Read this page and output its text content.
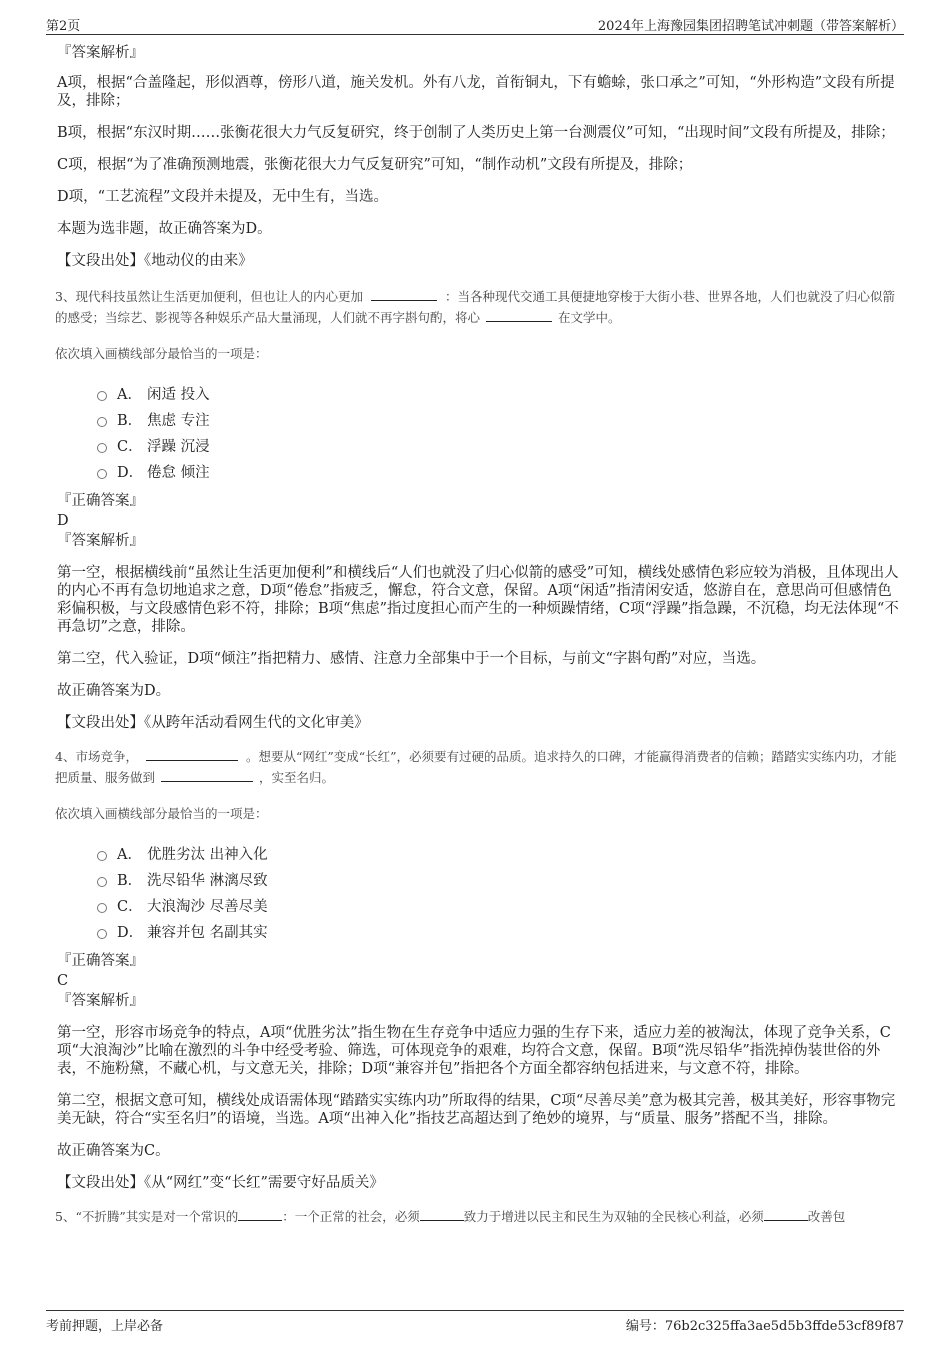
第2页	2024年上海豫园集团招聘笔试冲刺题（带答案解析）
『答案解析』

A项，根据“合盖隆起，形似酒尊，傍形八道，施关发机。外有八龙，首衔铜丸，下有蟾蜍，张口承之”可知，“外形构造”文段有所提及，排除；

B项，根据“东汉时期……张衡花很大力气反复研究，终于创制了人类历史上第一台测震仪”可知，“出现时间”文段有所提及，排除；

C项，根据“为了准确预测地震，张衡花很大力气反复研究”可知，“制作动机”文段有所提及，排除；

D项，“工艺流程”文段并未提及，无中生有，当选。

本题为选非题，故正确答案为D。

【文段出处】《地动仪的由来》

3、现代科技虽然让生活更加便利，但也让人的内心更加	：当各种现代交通工具便捷地穿梭于大街小巷、世界各地，人们也就没了归心似箭的感受；当综艺、影视等各种娱乐产品大量涌现，人们就不再字斟句酌，将心	在文学中。
依次填入画横线部分最恰当的一项是：
A． 闲适 投入
B． 焦虑 专注
C． 浮躁 沉浸
D． 倦怠 倾注
『正确答案』
D
『答案解析』

第一空，根据横线前“虽然让生活更加便利”和横线后“人们也就没了归心似箭的感受”可知，横线处感情色彩应较为消极，且体现出人的内心不再有急切地追求之意，D项“倦怠”指疲乏，懈怠，符合文意，保留。A项“闲适”指清闲安适，悠游自在，意思尚可但感情色彩偏积极，与文段感情色彩不符，排除；B项“焦虑”指过度担心而产生的一种烦躁情绪，C项“浮躁”指急躁，不沉稳，均无法体现“不再急切”之意，排除。

第二空，代入验证，D项“倾注”指把精力、感情、注意力全部集中于一个目标，与前文“字斟句酌”对应，当选。

故正确答案为D。

【文段出处】《从跨年活动看网生代的文化审美》

4、市场竞争，	。想要从“网红”变成“长红”，必须要有过硬的品质。追求持久的口碑，才能赢得消费者的信赖；踏踏实实练内功，才能把质量、服务做到	，实至名归。
依次填入画横线部分最恰当的一项是：
A． 优胜劣汰 出神入化
B． 洗尽铅华 淋漓尽致
C． 大浪淘沙 尽善尽美
D． 兼容并包 名副其实
『正确答案』
C
『答案解析』

第一空，形容市场竞争的特点，A项“优胜劣汰”指生物在生存竞争中适应力强的生存下来，适应力差的被淘汰，体现了竞争关系，C项“大浪淘沙”比喻在激烈的斗争中经受考验、筛选，可体现竞争的艰难，均符合文意，保留。B项“洗尽铅华”指洗掉伪装世俗的外表，不施粉黛，不藏心机，与文意无关，排除；D项“兼容并包”指把各个方面全都容纳包括进来，与文意不符，排除。

第二空，根据文意可知，横线处成语需体现“踏踏实实练内功”所取得的结果，C项“尽善尽美”意为极其完善，极其美好，形容事物完美无缺，符合“实至名归”的语境，当选。A项“出神入化”指技艺高超达到了绝妙的境界，与“质量、服务”搭配不当，排除。

故正确答案为C。

【文段出处】《从“网红”变“长红”需要守好品质关》

5、“不折腾”其实是对一个常识的	：一个正常的社会，必须	致力于增进以民主和民生为双轴的全民核心利益，必须	改善包
考前押题，上岸必备	编号：76b2c325ffa3ae5d5b3ffde53cf89f87
